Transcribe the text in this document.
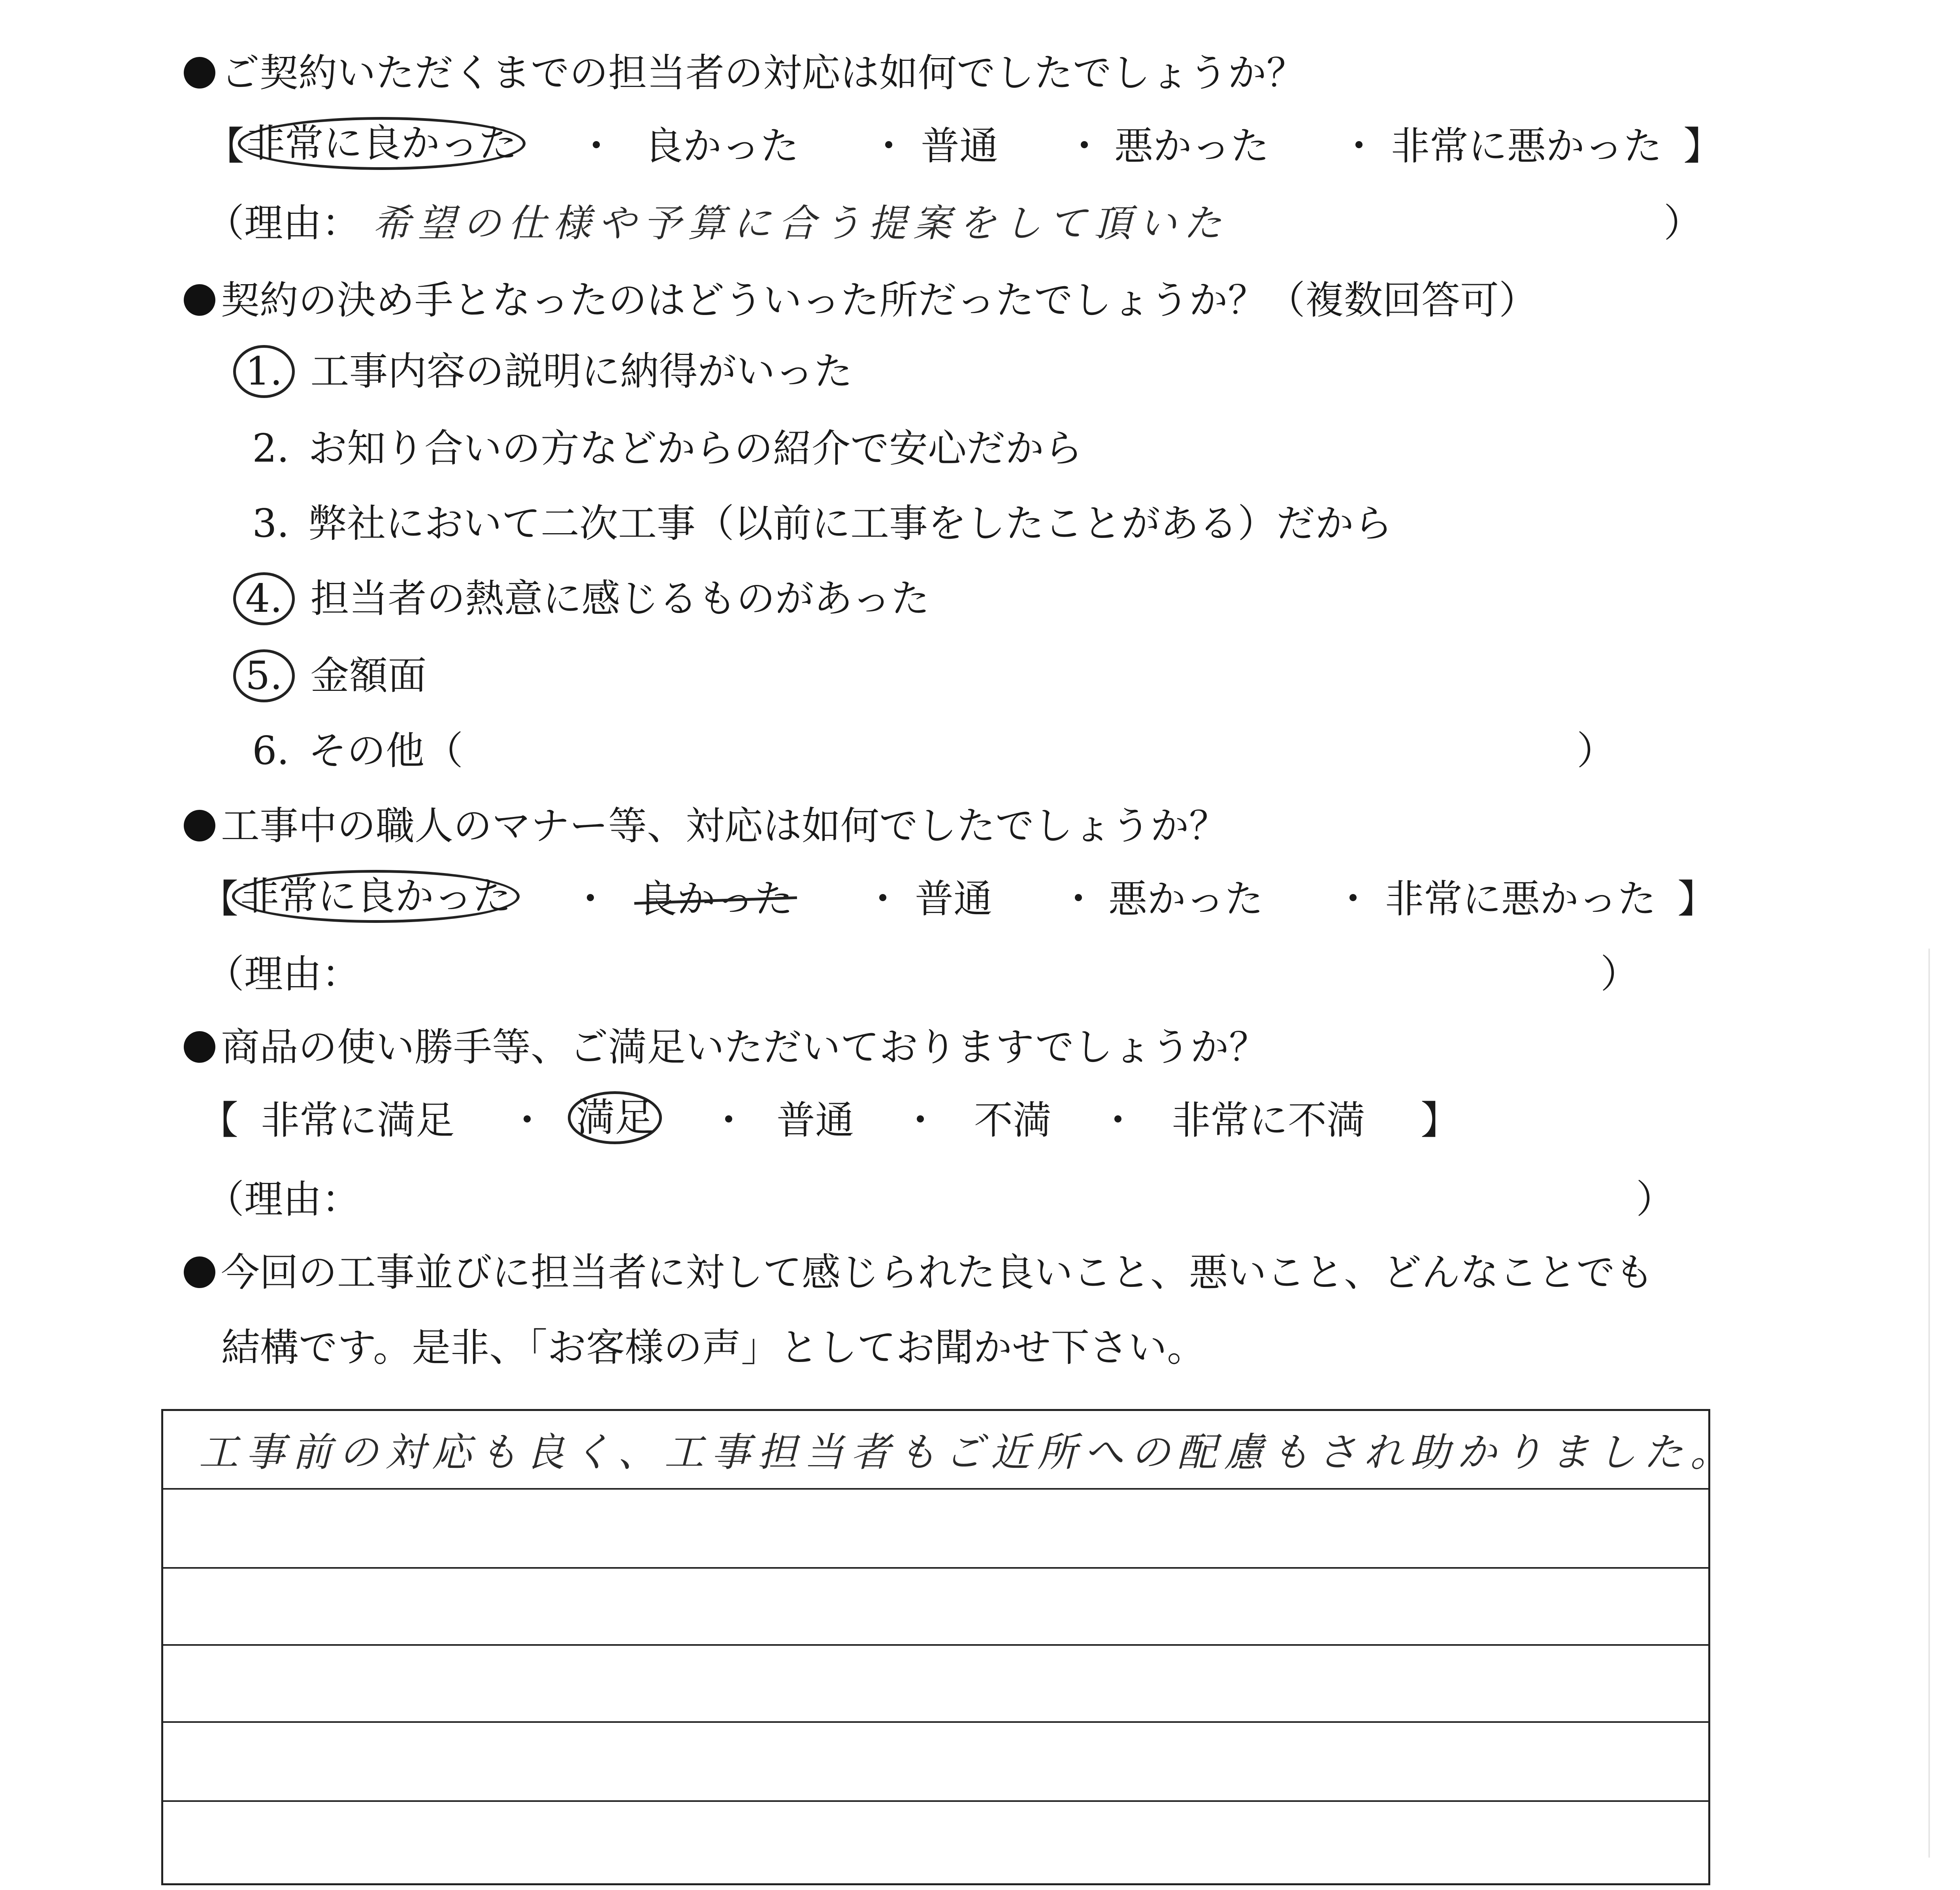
ご契約いただくまでの担当者の対応は如何でしたでしょうか？
【 非常に良かった ・ 良かった ・ 普通 ・ 悪かった ・ 非常に悪かった 】
（理由： 希望の仕様や予算に合う提案をして頂いた	）
契約の決め手となったのはどういった所だったでしょうか？（複数回答可）
1. 工事内容の説明に納得がいった
2. お知り合いの方などからの紹介で安心だから
3. 弊社において二次工事（以前に工事をしたことがある）だから
4. 担当者の熱意に感じるものがあった
5. 金額面
6. その他（	）
工事中の職人のマナー等、対応は如何でしたでしょうか？
【 非常に良かった ・ 良かった ・ 普通 ・ 悪かった ・ 非常に悪かった 】
（理由：	）
商品の使い勝手等、ご満足いただいておりますでしょうか？
【 非常に満足 ・ 満足 ・ 普通 ・ 不満 ・ 非常に不満 】
（理由：	）
今回の工事並びに担当者に対して感じられた良いこと、悪いこと、どんなことでも
結構です。是非、「お客様の声」としてお聞かせ下さい。
工事前の対応も良く、工事担当者もご近所への配慮もされ助かりました。
